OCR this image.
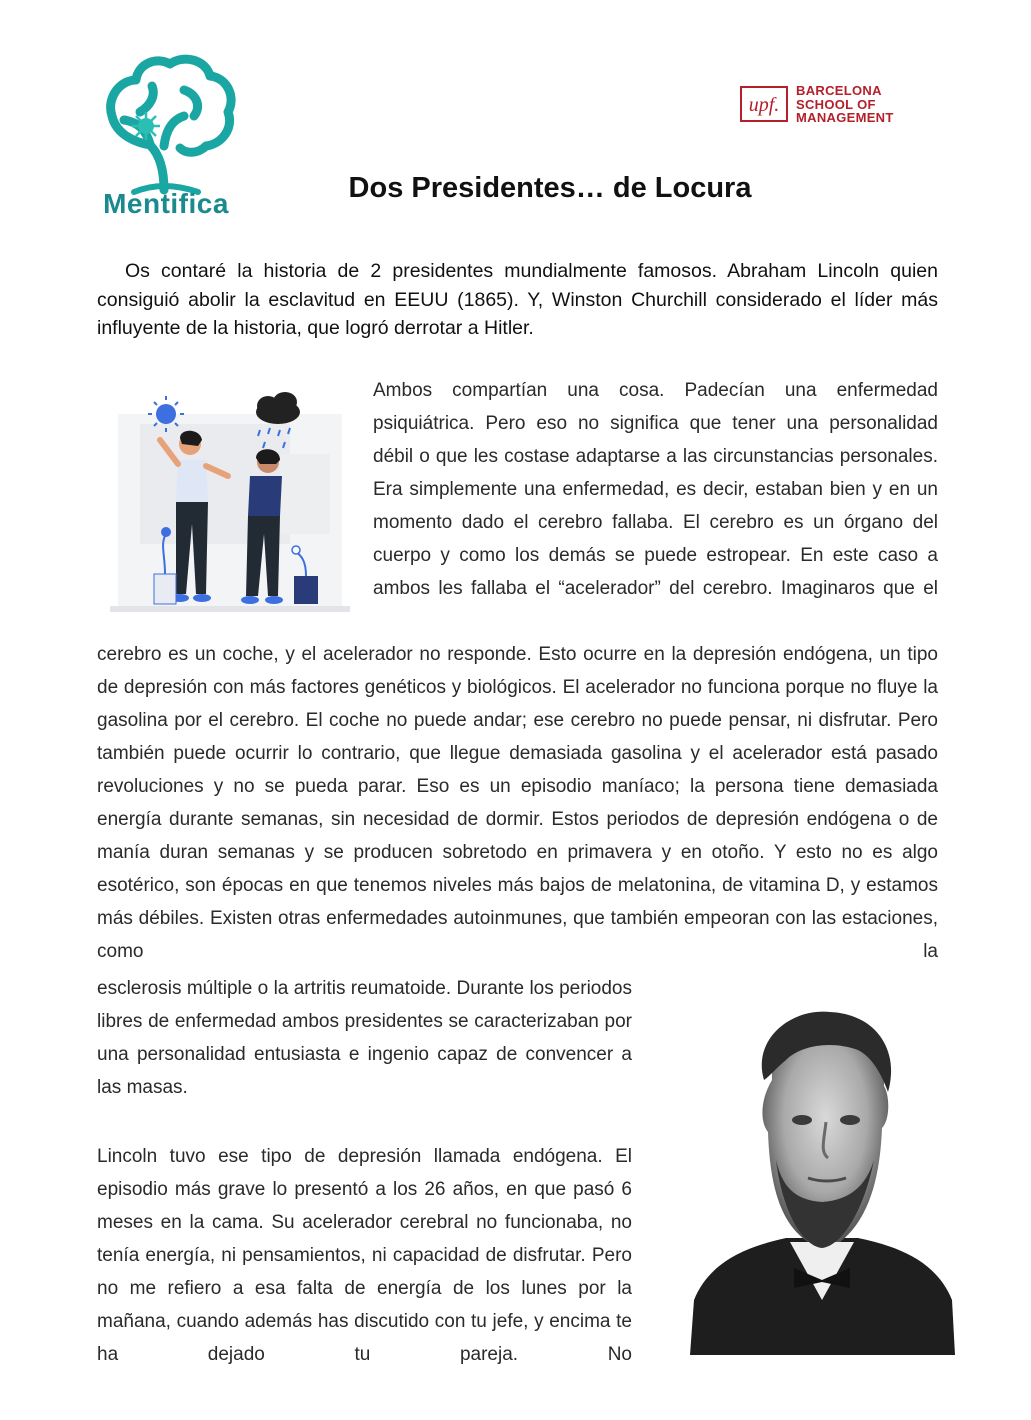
Mentifica
upf.
BARCELONA
SCHOOL OF
MANAGEMENT
Dos Presidentes… de Locura

Os contaré la historia de 2 presidentes mundialmente famosos. Abraham Lincoln quien consiguió abolir la esclavitud en EEUU (1865). Y, Winston Churchill considerado el líder más influyente de la historia, que logró derrotar a Hitler.

Ambos compartían una cosa. Padecían una enfermedad psiquiátrica. Pero eso no significa que tener una personalidad débil o que les costase adaptarse a las circunstancias personales. Era simplemente una enfermedad, es decir, estaban bien y en un momento dado el cerebro fallaba. El cerebro es un órgano del cuerpo y como los demás se puede estropear. En este caso a ambos les fallaba el “acelerador” del cerebro. Imaginaros que el

cerebro es un coche, y el acelerador no responde. Esto ocurre en la depresión endógena, un tipo de depresión con más factores genéticos y biológicos. El acelerador no funciona porque no fluye la gasolina por el cerebro. El coche no puede andar; ese cerebro no puede pensar, ni disfrutar. Pero también puede ocurrir lo contrario, que llegue demasiada gasolina y el acelerador está pasado revoluciones y no se pueda parar. Eso es un episodio maníaco; la persona tiene demasiada energía durante semanas, sin necesidad de dormir. Estos periodos de depresión endógena o de manía duran semanas y se producen sobretodo en primavera y en otoño. Y esto no es algo esotérico, son épocas en que tenemos niveles más bajos de melatonina, de vitamina D, y estamos más débiles. Existen otras enfermedades autoinmunes, que también empeoran con las estaciones, como la

esclerosis múltiple o la artritis reumatoide. Durante los periodos libres de enfermedad ambos presidentes se caracterizaban por una personalidad entusiasta e ingenio capaz de convencer a las masas.

Lincoln tuvo ese tipo de depresión llamada endógena. El episodio más grave lo presentó a los 26 años, en que pasó 6 meses en la cama. Su acelerador cerebral no funcionaba, no tenía energía, ni pensamientos, ni capacidad de disfrutar. Pero no me refiero a esa falta de energía de los lunes por la mañana, cuando además has discutido con tu jefe, y encima te ha dejado tu pareja. No
